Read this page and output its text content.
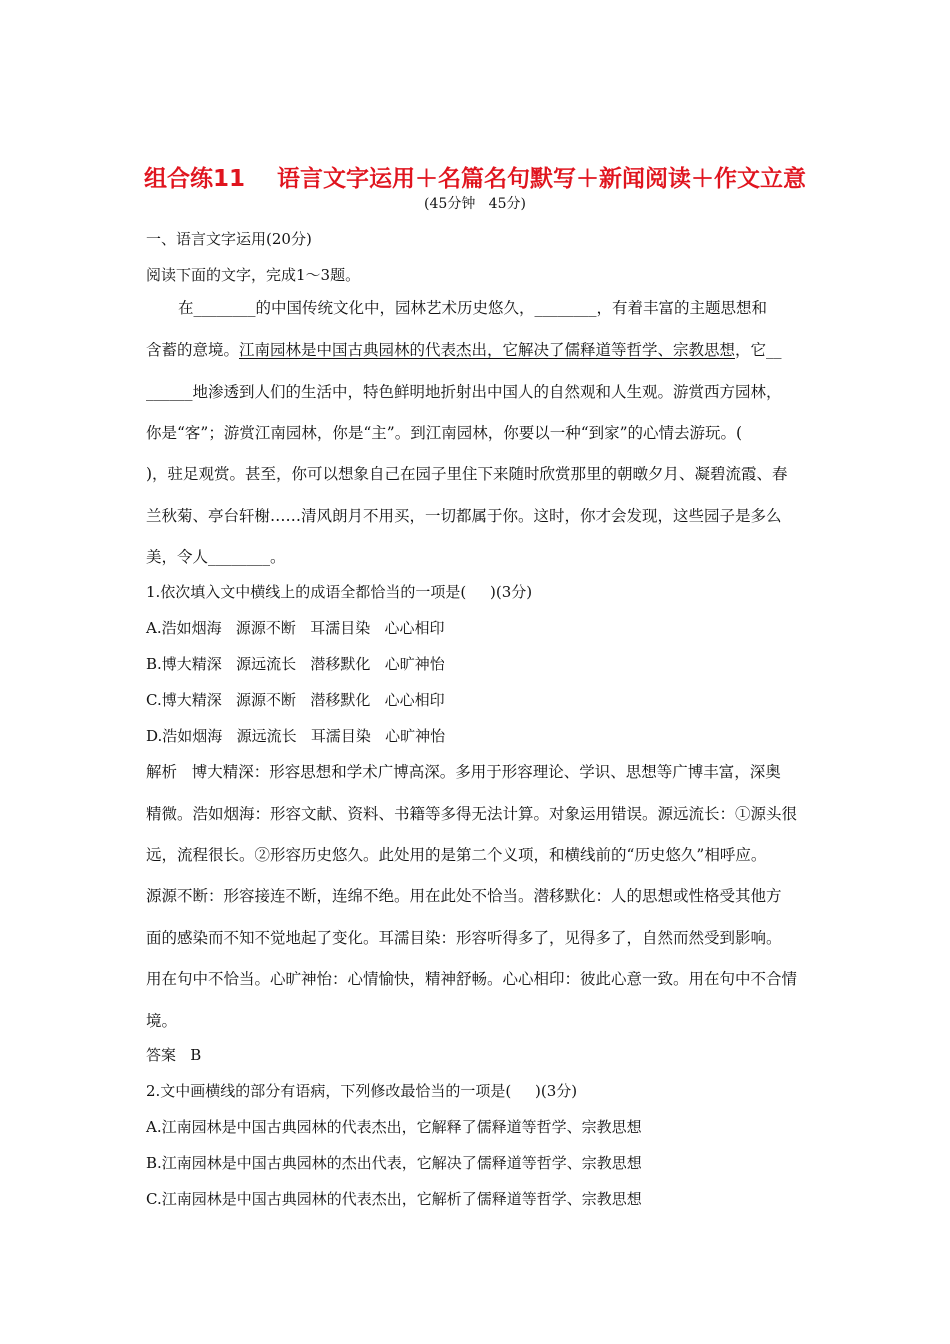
组合练11    语言文字运用＋名篇名句默写＋新闻阅读＋作文立意
(45分钟   45分)
一、语言文字运用(20分)
阅读下面的文字，完成1～3题。
在________的中国传统文化中，园林艺术历史悠久，________，有着丰富的主题思想和
含蓄的意境。江南园林是中国古典园林的代表杰出，它解决了儒释道等哲学、宗教思想，它__
______地渗透到人们的生活中，特色鲜明地折射出中国人的自然观和人生观。游赏西方园林，
你是“客”；游赏江南园林，你是“主”。到江南园林，你要以一种“到家”的心情去游玩。(
)，驻足观赏。甚至，你可以想象自己在园子里住下来随时欣赏那里的朝暾夕月、凝碧流霞、春
兰秋菊、亭台轩榭……清风朗月不用买，一切都属于你。这时，你才会发现，这些园子是多么
美，令人________。
1.依次填入文中横线上的成语全都恰当的一项是(     )(3分)
A.浩如烟海   源源不断   耳濡目染   心心相印
B.博大精深   源远流长   潜移默化   心旷神怡
C.博大精深   源源不断   潜移默化   心心相印
D.浩如烟海   源远流长   耳濡目染   心旷神怡
解析   博大精深：形容思想和学术广博高深。多用于形容理论、学识、思想等广博丰富，深奥
精微。浩如烟海：形容文献、资料、书籍等多得无法计算。对象运用错误。源远流长：①源头很
远，流程很长。②形容历史悠久。此处用的是第二个义项，和横线前的“历史悠久”相呼应。
源源不断：形容接连不断，连绵不绝。用在此处不恰当。潜移默化：人的思想或性格受其他方
面的感染而不知不觉地起了变化。耳濡目染：形容听得多了，见得多了，自然而然受到影响。
用在句中不恰当。心旷神怡：心情愉快，精神舒畅。心心相印：彼此心意一致。用在句中不合情
境。
答案   B
2.文中画横线的部分有语病，下列修改最恰当的一项是(     )(3分)
A.江南园林是中国古典园林的代表杰出，它解释了儒释道等哲学、宗教思想
B.江南园林是中国古典园林的杰出代表，它解决了儒释道等哲学、宗教思想
C.江南园林是中国古典园林的代表杰出，它解析了儒释道等哲学、宗教思想
